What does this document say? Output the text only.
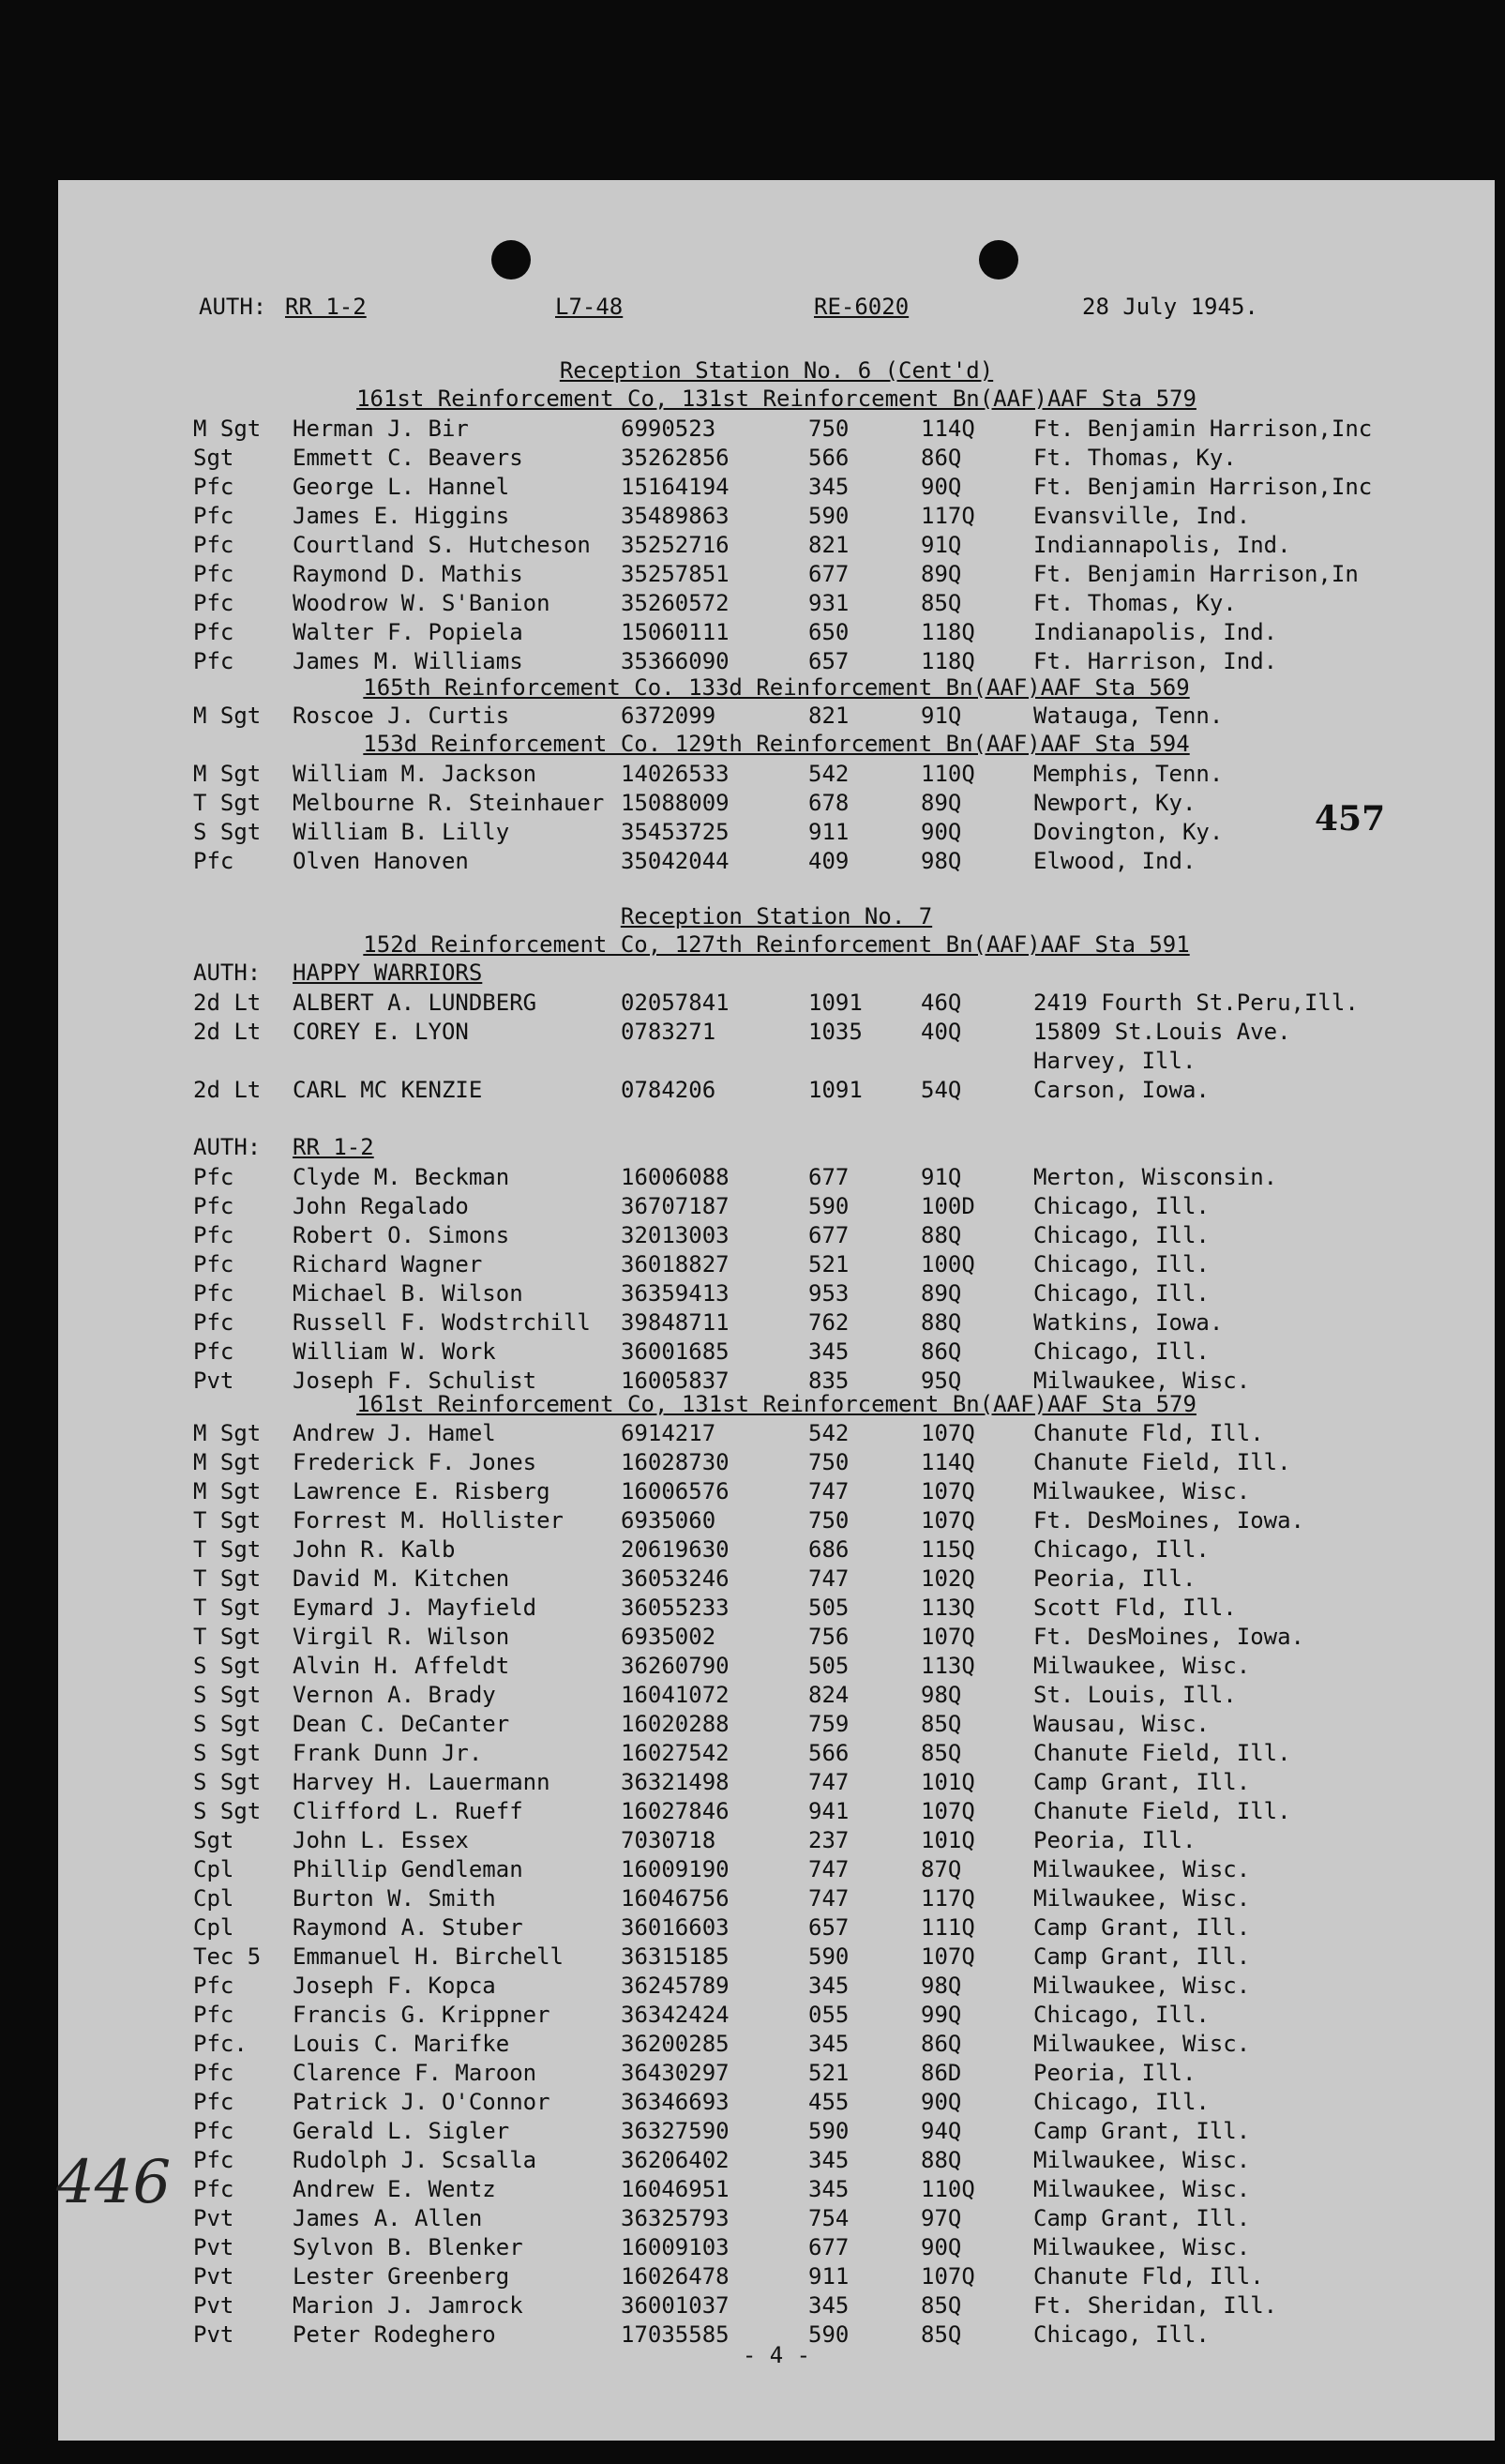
AUTH: RR 1-2	L7-48	RE-6020	28 July 1945.
Reception Station No. 6 (Cent'd)
161st Reinforcement Co, 131st Reinforcement Bn(AAF)AAF Sta 579
M Sgt Herman J. Bir	6990523	750	114Q	Ft. Benjamin Harrison,Inc
Sgt	Emmett C. Beavers	35262856	566	86Q	Ft. Thomas, Ky.
Pfc	George L. Hannel	15164194	345	90Q	Ft. Benjamin Harrison,Inc
Pfc	James E. Higgins	35489863	590	117Q	Evansville, Ind.
Pfc	Courtland S. Hutcheson 35252716	821	91Q	Indiannapolis, Ind.
Pfc	Raymond D. Mathis	35257851	677	89Q	Ft. Benjamin Harrison,In
Pfc	Woodrow W. S'Banion	35260572	931	85Q	Ft. Thomas, Ky.
Pfc	Walter F. Popiela	15060111	650	118Q	Indianapolis, Ind.
Pfc	James M. Williams	35366090	657	118Q	Ft. Harrison, Ind.
165th Reinforcement Co. 133d Reinforcement Bn(AAF)AAF Sta 569
M Sgt Roscoe J. Curtis	6372099	821	91Q	Watauga, Tenn.
153d Reinforcement Co. 129th Reinforcement Bn(AAF)AAF Sta 594
M Sgt William M. Jackson	14026533	542	110Q	Memphis, Tenn.
T Sgt Melbourne R. Steinhauer 15088009	678	89Q	Newport, Ky.
S Sgt William B. Lilly	35453725	911	90Q	Dovington, Ky.
Pfc	Olven Hanoven	35042044	409	98Q	Elwood, Ind.
457
Reception Station No. 7
152d Reinforcement Co, 127th Reinforcement Bn(AAF)AAF Sta 591
AUTH: HAPPY WARRIORS
2d Lt ALBERT A. LUNDBERG	02057841	1091	46Q	2419 Fourth St.Peru,Ill.
2d Lt COREY E. LYON	0783271	1035	40Q	15809 St.Louis Ave.
Harvey, Ill.
2d Lt CARL MC KENZIE	0784206	1091	54Q	Carson, Iowa.
AUTH: RR 1-2
Pfc	Clyde M. Beckman	16006088	677	91Q	Merton, Wisconsin.
Pfc	John Regalado	36707187	590	100D	Chicago, Ill.
Pfc	Robert O. Simons	32013003	677	88Q	Chicago, Ill.
Pfc	Richard Wagner	36018827	521	100Q	Chicago, Ill.
Pfc	Michael B. Wilson	36359413	953	89Q	Chicago, Ill.
Pfc	Russell F. Wodstrchill 39848711	762	88Q	Watkins, Iowa.
Pfc	William W. Work	36001685	345	86Q	Chicago, Ill.
Pvt	Joseph F. Schulist	16005837	835	95Q	Milwaukee, Wisc.
161st Reinforcement Co, 131st Reinforcement Bn(AAF)AAF Sta 579
M Sgt Andrew J. Hamel	6914217	542	107Q	Chanute Fld, Ill.
M Sgt Frederick F. Jones	16028730	750	114Q	Chanute Field, Ill.
M Sgt Lawrence E. Risberg	16006576	747	107Q	Milwaukee, Wisc.
T Sgt Forrest M. Hollister	6935060	750	107Q	Ft. DesMoines, Iowa.
T Sgt John R. Kalb	20619630	686	115Q	Chicago, Ill.
T Sgt David M. Kitchen	36053246	747	102Q	Peoria, Ill.
T Sgt Eymard J. Mayfield	36055233	505	113Q	Scott Fld, Ill.
T Sgt Virgil R. Wilson	6935002	756	107Q	Ft. DesMoines, Iowa.
S Sgt Alvin H. Affeldt	36260790	505	113Q	Milwaukee, Wisc.
S Sgt Vernon A. Brady	16041072	824	98Q	St. Louis, Ill.
S Sgt Dean C. DeCanter	16020288	759	85Q	Wausau, Wisc.
S Sgt Frank Dunn Jr.	16027542	566	85Q	Chanute Field, Ill.
S Sgt Harvey H. Lauermann	36321498	747	101Q	Camp Grant, Ill.
S Sgt Clifford L. Rueff	16027846	941	107Q	Chanute Field, Ill.
Sgt	John L. Essex	7030718	237	101Q	Peoria, Ill.
Cpl	Phillip Gendleman	16009190	747	87Q	Milwaukee, Wisc.
Cpl	Burton W. Smith	16046756	747	117Q	Milwaukee, Wisc.
Cpl	Raymond A. Stuber	36016603	657	111Q	Camp Grant, Ill.
Tec 5 Emmanuel H. Birchell	36315185	590	107Q	Camp Grant, Ill.
Pfc	Joseph F. Kopca	36245789	345	98Q	Milwaukee, Wisc.
Pfc	Francis G. Krippner	36342424	055	99Q	Chicago, Ill.
Pfc. Louis C. Marifke	36200285	345	86Q	Milwaukee, Wisc.
Pfc	Clarence F. Maroon	36430297	521	86D	Peoria, Ill.
Pfc	Patrick J. O'Connor	36346693	455	90Q	Chicago, Ill.
Pfc	Gerald L. Sigler	36327590	590	94Q	Camp Grant, Ill.
Pfc	Rudolph J. Scsalla	36206402	345	88Q	Milwaukee, Wisc.
Pfc	Andrew E. Wentz	16046951	345	110Q	Milwaukee, Wisc.
Pvt	James A. Allen	36325793	754	97Q	Camp Grant, Ill.
Pvt	Sylvon B. Blenker	16009103	677	90Q	Milwaukee, Wisc.
Pvt	Lester Greenberg	16026478	911	107Q	Chanute Fld, Ill.
Pvt	Marion J. Jamrock	36001037	345	85Q	Ft. Sheridan, Ill.
Pvt	Peter Rodeghero	17035585	590	85Q	Chicago, Ill.
- 4 -
446
